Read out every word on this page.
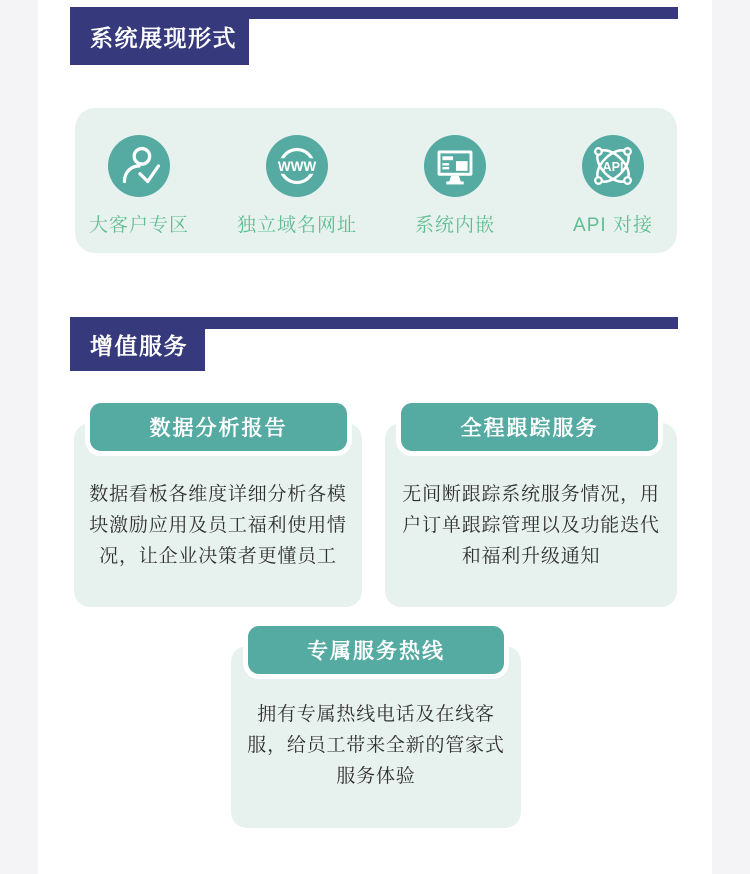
系统展现形式
大客户专区
WWW
独立域名网址	系统内嵌
API
API 对接
增值服务
数据看板各维度详细分析各模
块激励应用及员工福利使用情
况，让企业决策者更懂员工
数据分析报告
无间断跟踪系统服务情况，用
户订单跟踪管理以及功能迭代
和福利升级通知
全程跟踪服务
拥有专属热线电话及在线客
服，给员工带来全新的管家式
服务体验
专属服务热线
